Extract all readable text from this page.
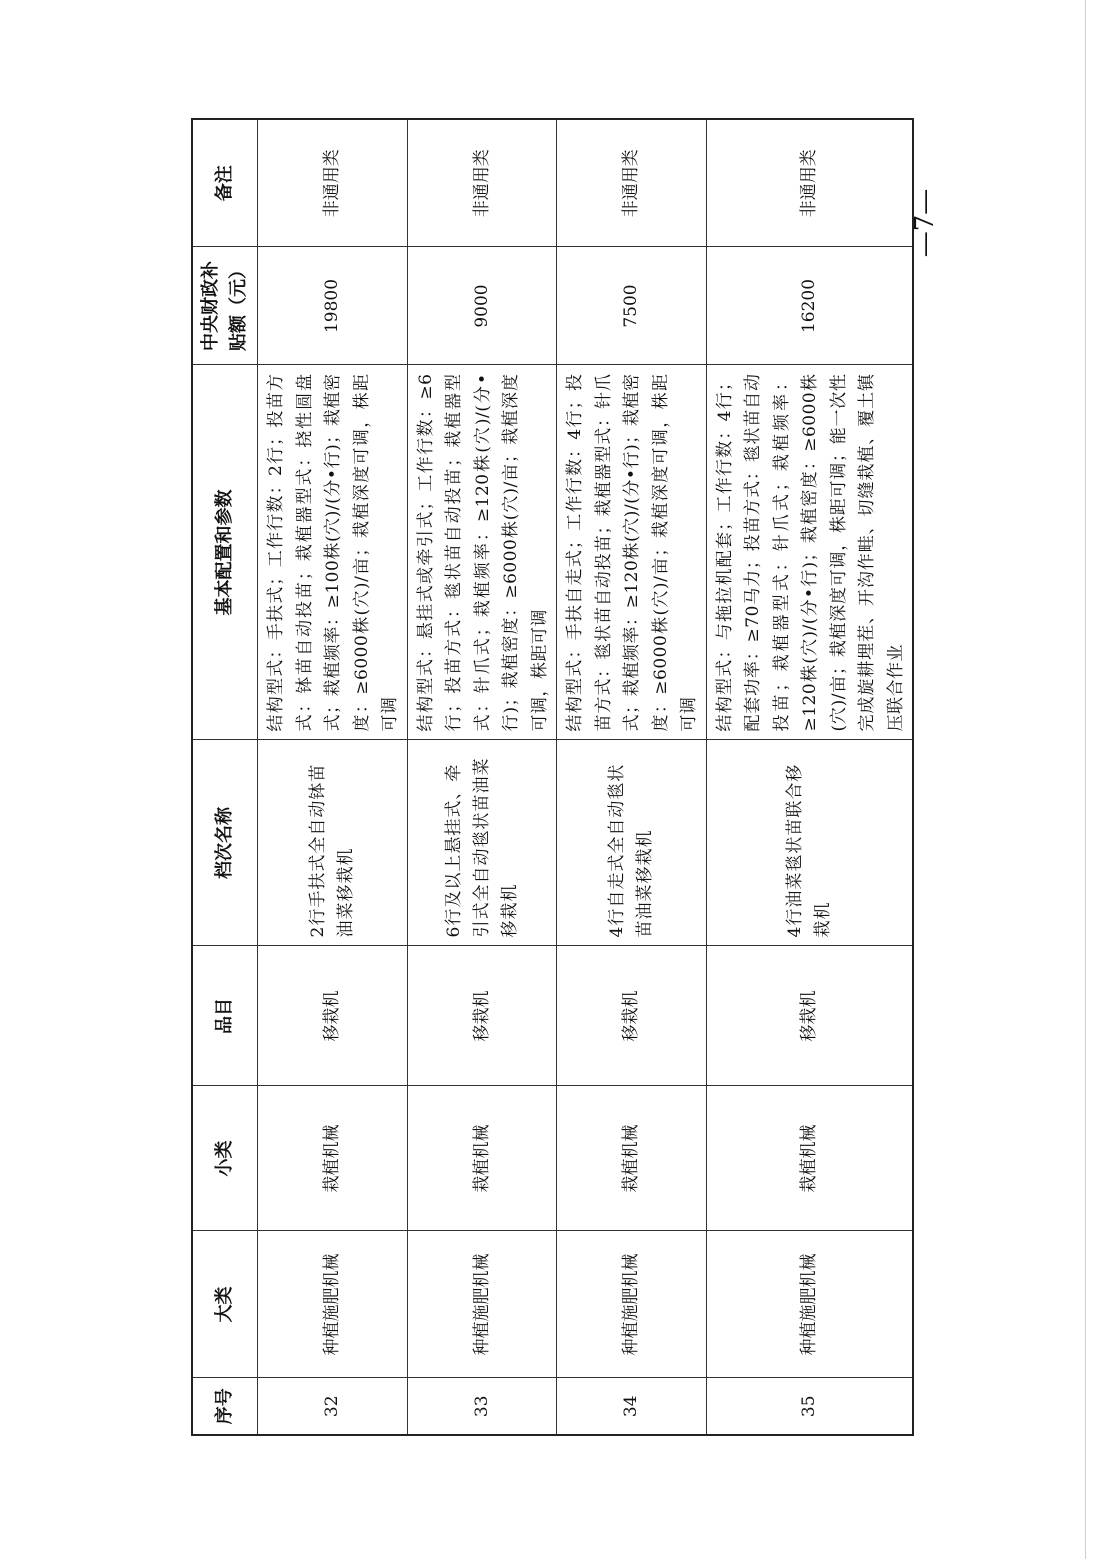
序号	大类	小类	品目	档次名称	基本配置和参数	中央财政补贴额（元）	备注
32	种植施肥机械	栽植机械	移栽机	2行手扶式全自动钵苗油菜移栽机	结构型式：手扶式；工作行数：2行；投苗方式：钵苗自动投苗；栽植器型式：挠性圆盘式；栽植频率：≥100株(穴)/(分•行)；栽植密度：≥6000株(穴)/亩；栽植深度可调，株距可调	19800	非通用类
33	种植施肥机械	栽植机械	移栽机	6行及以上悬挂式、牵引式全自动毯状苗油菜移栽机	结构型式：悬挂式或牵引式；工作行数：≥6行；投苗方式：毯状苗自动投苗；栽植器型式：针爪式；栽植频率：≥120株(穴)/(分•行)；栽植密度：≥6000株(穴)/亩；栽植深度可调，株距可调	9000	非通用类
34	种植施肥机械	栽植机械	移栽机	4行自走式全自动毯状苗油菜移栽机	结构型式：手扶自走式；工作行数：4行；投苗方式：毯状苗自动投苗；栽植器型式：针爪式；栽植频率：≥120株(穴)/(分•行)；栽植密度：≥6000株(穴)/亩；栽植深度可调，株距可调	7500	非通用类
35	种植施肥机械	栽植机械	移栽机	4行油菜毯状苗联合移栽机	结构型式：与拖拉机配套；工作行数：4行；配套功率：≥70马力；投苗方式：毯状苗自动投苗；栽植器型式：针爪式；栽植频率：≥120株(穴)/(分•行)；栽植密度：≥6000株(穴)/亩；栽植深度可调，株距可调；能一次性完成旋耕埋茬、开沟作畦、切缝栽植、覆土镇压联合作业	16200	非通用类
—7—
